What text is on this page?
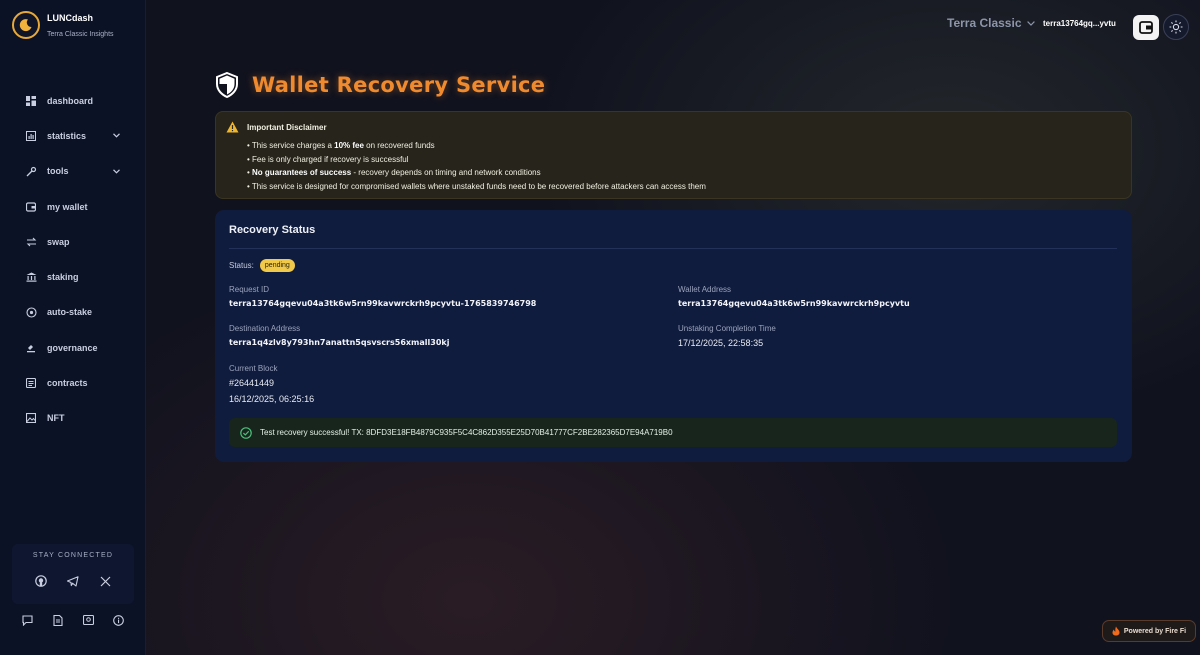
LUNCdash
Terra Classic Insights
dashboard
statistics
tools
my wallet
swap
staking
auto-stake
governance
contracts
NFT
STAY CONNECTED
Terra Classic	terra13764gq...yvtu
Wallet Recovery Service
Important Disclaimer
• This service charges a 10% fee on recovered funds
• Fee is only charged if recovery is successful
• No guarantees of success - recovery depends on timing and network conditions
• This service is designed for compromised wallets where unstaked funds need to be recovered before attackers can access them
Recovery Status
Status:	pending
Request ID
terra13764gqevu04a3tk6w5rn99kavwrckrh9pcyvtu-1765839746798
Wallet Address
terra13764gqevu04a3tk6w5rn99kavwrckrh9pcyvtu
Destination Address
terra1q4zlv8y793hn7anattn5qsvscrs56xmall30kj
Unstaking Completion Time
17/12/2025, 22:58:35
Current Block
#26441449
16/12/2025, 06:25:16
Test recovery successful! TX: 8DFD3E18FB4879C935F5C4C862D355E25D70B41777CF2BE282365D7E94A719B0
Powered by Fire Fi
